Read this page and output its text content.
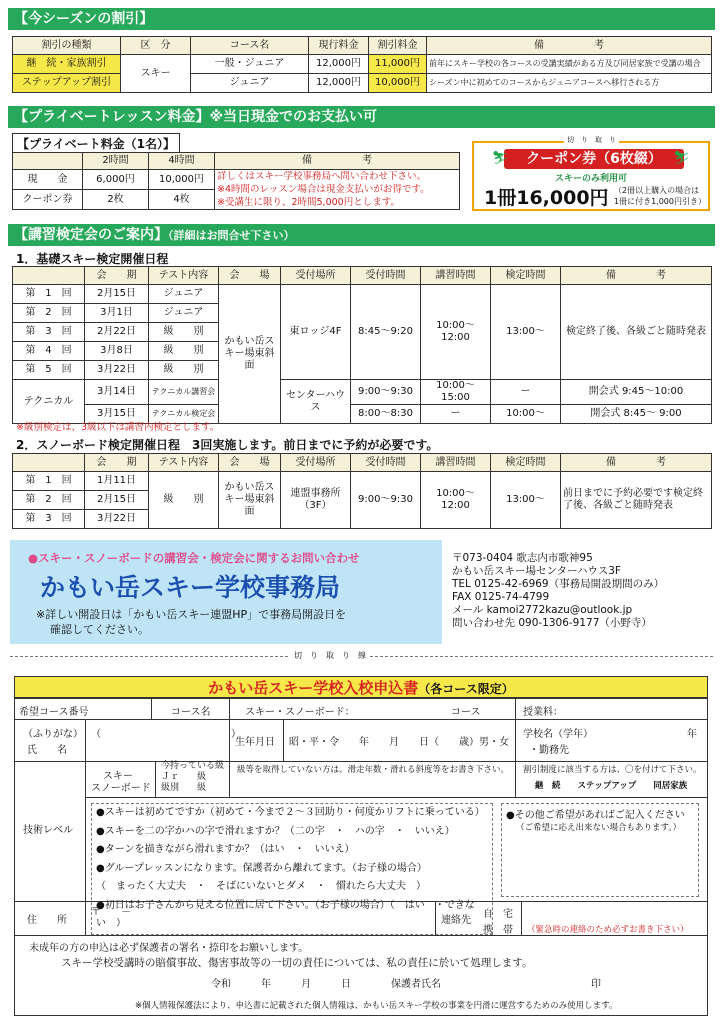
【今シーズンの割引】
割引の種類	区　分	コース名	現行料金	割引料金	備　　　　　考
継　続・家族割引	スキー	一般・ジュニア	12,000円	11,000円	前年にスキー学校の各コースの受講実績がある方及び同居家族で受講の場合
ステップアップ割引		ジュニア	12,000円	10,000円	シーズン中に初めてのコースからジュニアコースへ移行される方
【プライベートレッスン料金】※当日現金でのお支払い可
【プライベート料金（1名）】
	2時間	4時間	備　　　　　考
現　　金	6,000円	10,000円	詳しくはスキー学校事務局へ問い合わせ下さい。
※4時間のレッスン場合は現金支払いがお得です。
※受講生に限り、2時間5,000円とします。

クーポン券	2枚	4枚	
切　り　取　り
クーポン券（6枚綴）
⛷	⛷
スキーのみ利用可
1冊16,000円 （2冊以上購入の場合は
1冊に付き1,000円引き）
【講習検定会のご案内】（詳細はお問合せ下さい）
1．基礎スキー検定開催日程
	会　　期	テスト内容	会　　場	受付場所	受付時間	講習時間	検定時間	備　　　　考
第　1　回	2月15日	ジュニア	かもい岳スキー場東斜面	東ロッジ4F	8:45～9:20	10:00～12:00	13:00～	検定終了後、各級ごと随時発表
第　2　回	3月1日	ジュニア						
第　3　回	2月22日	級　　別						
第　4　回	3月8日	級　　別						
第　5　回	3月22日	級　　別						
テクニカル	3月14日	テクニカル講習会		センターハウス	9:00～9:30	10:00～15:00	ー	開会式 9:45～10:00
	3月15日	テクニカル検定会			8:00～8:30	ー	10:00～	開会式 8:45～ 9:00
※級別検定は、3級以下は講習内検定とします。
2．スノーボード検定開催日程　3回実施します。前日までに予約が必要です。
	会　　期	テスト内容	会　　場	受付場所	受付時間	講習時間	検定時間	備　　　　考
第　1　回	1月11日	級　　別	かもい岳スキー場東斜面	連盟事務所（3F）	9:00～9:30	10:00～12:00	13:00～	前日までに予約必要です検定終了後、各級ごと随時発表
第　2　回	2月15日							
第　3　回	3月22日							
●スキー・スノーボードの講習会・検定会に関するお問い合わせ
かもい岳スキー学校事務局
※詳しい開設日は「かもい岳スキー連盟HP」で事務局開設日を
確認してください。
〒073-0404 歌志内市歌神95
かもい岳スキー場センターハウス3F
TEL 0125-42-6969（事務局開設期間のみ）
FAX 0125-74-4799
メール kamoi2772kazu@outlook.jp
問い合わせ先 090-1306-9177（小野寺）
切　り　取　り　線
かもい岳スキー学校入校申込書（各コース限定）
希望コース番号	コース名	スキー・スノーボード：	コース	授業料：
（ふりがな）
氏　　名
（　　　　　　　　　　　　　）
生年月日 昭・平・令　　年　　月　　日（　　歳）男・女
学校名（学年）	年
・勤務先
技術レベル
スキー
スノーボード
今持っている級
Ｊｒ　　級
級別　　級
級等を取得していない方は、滑走年数・滑れる斜度等をお書き下さい。 割引制度に該当する方は、〇を付けて下さい。
継　続　　ステップアップ　　同居家族
●スキーは初めてですか（初めて・今まで２～３回助り・何度かリフトに乗っている）
●スキーを二の字かハの字で滑れますか？（二の字　・　ハの字　・　いいえ）
●ターンを描きながら滑れますか？（はい　・　いいえ）
●グループレッスンになります。保護者から離れてます。（お子様の場合）
（　まったく大丈夫　・　そばにいないとダメ　・　慣れたら大丈夫　）
●初日はお子さんから見える位置に居て下さい。（お子様の場合）（　はい　・できない　）
●その他ご希望があればご記入ください
（ご希望に応え出来ない場合もあります。）
住　　所
〒　　－
連絡先
自　宅
携　帯 （緊急時の連絡のため必ずお書き下さい）
未成年の方の申込は必ず保護者の署名・捺印をお願いします。
スキー学校受講時の賠償事故、傷害事故等の一切の責任については、私の責任に於いて処理します。
令和　　　年　　　月　　　日　　　　保護者氏名　　　　　　　　　　　　　　　印
※個人情報保護法により、申込書に記載された個人情報は、かもい岳スキー学校の事業を円滑に運営するためのみ使用します。
